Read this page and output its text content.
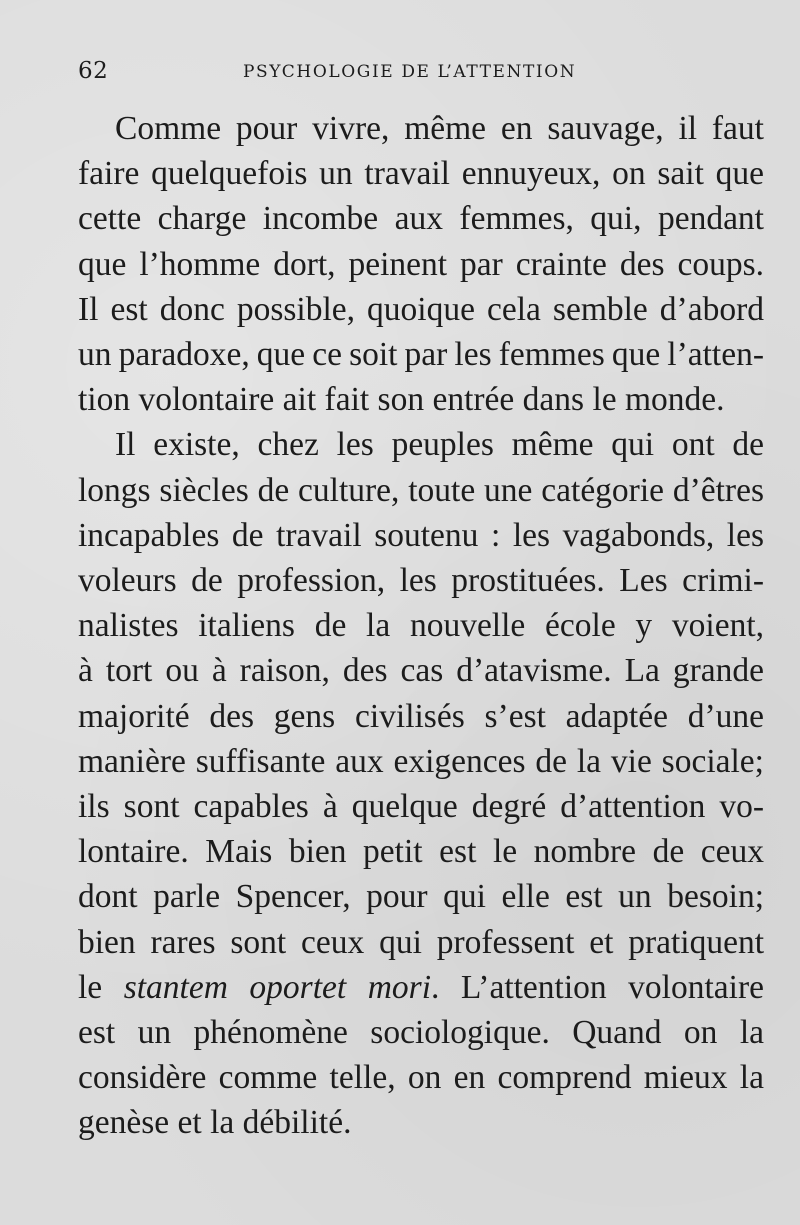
62	PSYCHOLOGIE DE L’ATTENTION
Comme pour vivre, même en sauvage, il faut
faire quelquefois un travail ennuyeux, on sait que
cette charge incombe aux femmes, qui, pendant
que l’homme dort, peinent par crainte des coups.
Il est donc possible, quoique cela semble d’abord
un paradoxe, que ce soit par les femmes que l’atten-
tion volontaire ait fait son entrée dans le monde.
Il existe, chez les peuples même qui ont de
longs siècles de culture, toute une catégorie d’êtres
incapables de travail soutenu : les vagabonds, les
voleurs de profession, les prostituées. Les crimi-
nalistes italiens de la nouvelle école y voient,
à tort ou à raison, des cas d’atavisme. La grande
majorité des gens civilisés s’est adaptée d’une
manière suffisante aux exigences de la vie sociale;
ils sont capables à quelque degré d’attention vo-
lontaire. Mais bien petit est le nombre de ceux
dont parle Spencer, pour qui elle est un besoin;
bien rares sont ceux qui professent et pratiquent
le stantem oportet mori. L’attention volontaire
est un phénomène sociologique. Quand on la
considère comme telle, on en comprend mieux la
genèse et la débilité.
